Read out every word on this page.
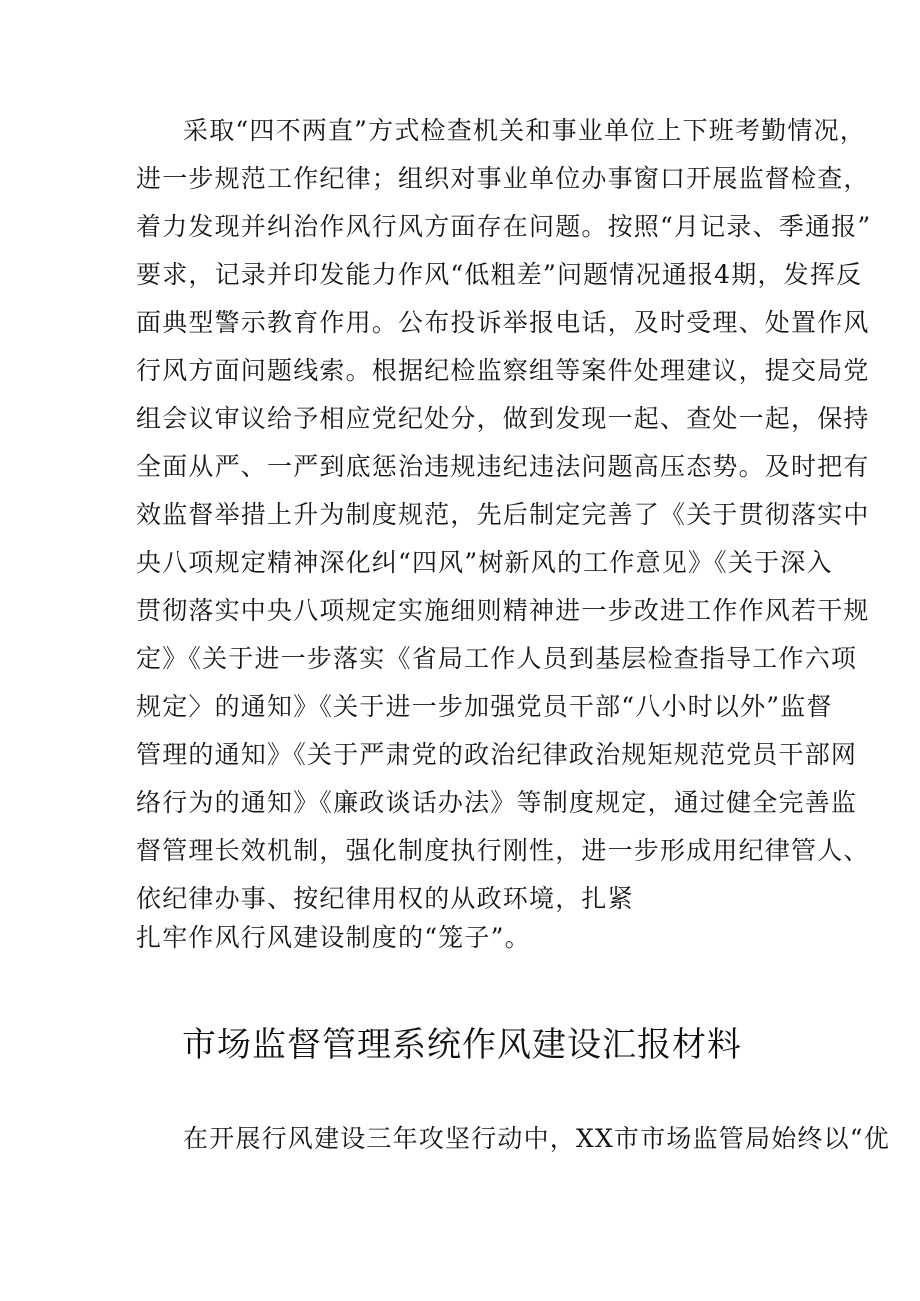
采取“四不两直”方式检查机关和事业单位上下班考勤情况，

进一步规范工作纪律；组织对事业单位办事窗口开展监督检查，

着力发现并纠治作风行风方面存在问题。按照“月记录、季通报”

要求，记录并印发能力作风“低粗差”问题情况通报4期，发挥反

面典型警示教育作用。公布投诉举报电话，及时受理、处置作风

行风方面问题线索。根据纪检监察组等案件处理建议，提交局党

组会议审议给予相应党纪处分，做到发现一起、查处一起，保持

全面从严、一严到底惩治违规违纪违法问题高压态势。及时把有

效监督举措上升为制度规范，先后制定完善了《关于贯彻落实中

央八项规定精神深化纠“四风”树新风的工作意见》《关于深入

贯彻落实中央八项规定实施细则精神进一步改进工作作风若干规

定》《关于进一步落实《省局工作人员到基层检查指导工作六项

规定〉的通知》《关于进一步加强党员干部“八小时以外”监督

管理的通知》《关于严肃党的政治纪律政治规矩规范党员干部网

络行为的通知》《廉政谈话办法》等制度规定，通过健全完善监

督管理长效机制，强化制度执行刚性，进一步形成用纪律管人、

依纪律办事、按纪律用权的从政环境，扎紧

扎牢作风行风建设制度的“笼子”。

市场监督管理系统作风建设汇报材料

在开展行风建设三年攻坚行动中，XX市市场监管局始终以“优
